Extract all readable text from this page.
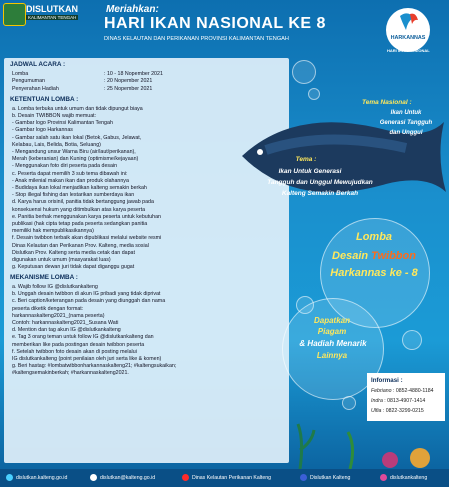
DISLUTKAN
KALIMANTAN TENGAH
Meriahkan:
HARI IKAN NASIONAL KE 8
DINAS KELAUTAN DAN PERIKANAN PROVINSI KALIMANTAN TENGAH	HARKANNAS
HARI IKAN NASIONAL
JADWAL ACARA :
Lomba	: 10 - 18 Nopember 2021
Pengumuman	: 20 Nopember 2021
Penyerahan Hadiah	: 25 Nopember 2021
KETENTUAN LOMBA :
a. Lomba terbuka untuk umum dan tidak dipungut biaya
b. Desain TWIBBON wajib memuat:
- Gambar logo Provinsi Kalimantan Tengah
- Gambar logo Harkannas
- Gambar salah satu ikan lokal (Betok, Gabus, Jelawat,
Kelabau, Lais, Belida, Botia, Seluang)
- Mengandung unsur Warna Biru (air/laut/perikanan),
Merah (keberanian) dan Kuning (optimisme/kejayaan)
- Menggunakan foto diri peserta pada desain
c. Peserta dapat memilih 3 sub tema dibawah ini:
- Anak milenial makan ikan dan produk olahannya
- Budidaya ikan lokal menjadikan kalteng semakin berkah
- Stop illegal fishing dan lestarikan sumberdaya ikan
d. Karya harus orisinil, panitia tidak bertanggung jawab pada
konsekuensi hukum yang ditimbulkan atas karya peserta
e. Panitia berhak menggunakan karya peserta untuk kebutuhan
publikasi (hak cipta tetap pada peserta sedangkan panitia
memiliki hak mempublikasikannya)
f. Desain twibbon terbaik akan dipublikasi melalui website resmi
Dinas Kelautan dan Perikanan Prov. Kalteng, media sosial
Dislutkan Prov. Kalteng serta media cetak dan dapat
digunakan untuk umum (masyarakat luas)
g. Keputusan dewan juri tidak dapat diganggu gugat
MEKANISME LOMBA :
a. Wajib follow IG @dislutkankalteng
b. Unggah desain twibbon di akun IG pribadi yang tidak diprivat
c. Beri caption/keterangan pada desain yang diunggah dan nama
peserta diketik dengan format:
harkannaskalteng2021_(nama peserta)
Contoh: harkannaskalteng2021_Susana Wati
d. Mention dan tag akun IG @dislutkankalteng
e. Tag 3 orang teman untuk follow IG @dislutkankalteng dan
memberikan like pada postingan desain twibbon peserta
f. Setelah twibbon foto desain akan di posting melalui
IG dislutkankalteng (point penilaian oleh juri serta like & komen)
g. Beri hastag: #lombatwibbonharkannaskalteng21; #kaltengsukaikan;
#kaltengsemakinberkah; #harkannaskalteng2021.
Tema Nasional :
Ikan Untuk
Generasi Tangguh
dan Unggul
Tema :
Ikan Untuk Generasi
Tangguh dan Unggul Mewujudkan
Kalteng Semakin Berkah
Lomba
Desain Twibbon
Harkannas ke - 8
Dapatkan
Piagam
& Hadiah Menarik
Lainnya
Informasi :
Febriano : 0852-4880-1184
Indra : 0813-4907-1414
Ulfia : 0822-3299-0215
dislutkan.kalteng.go.id	dislutkan@kalteng.go.id	Dinas Kelautan Perikanan Kalteng	Dislutkan Kalteng	dislutkankalteng
